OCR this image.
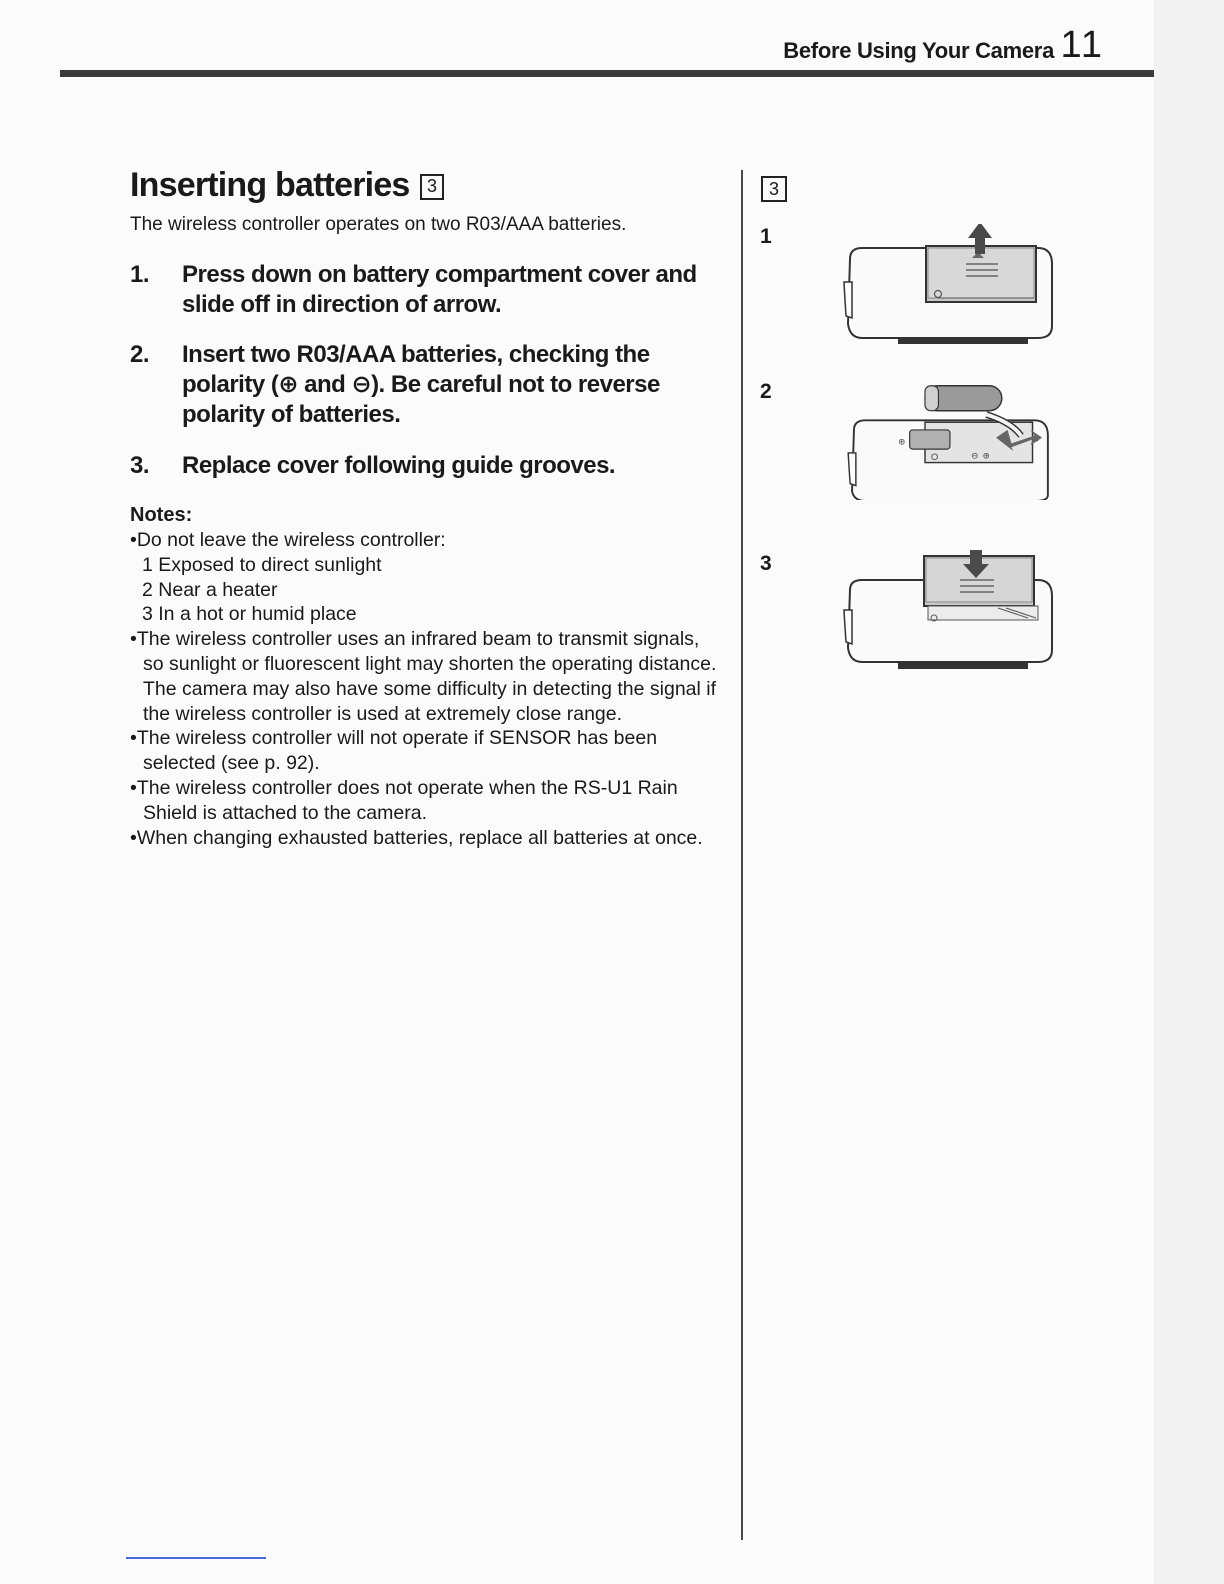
Before Using Your Camera 11
Inserting batteries 3
The wireless controller operates on two R03/AAA batteries.
1. Press down on battery compartment cover and slide off in direction of arrow.
2. Insert two R03/AAA batteries, checking the polarity (⊕ and ⊖). Be careful not to reverse polarity of batteries.
3. Replace cover following guide grooves.
Notes:

•Do not leave the wireless controller:

1 Exposed to direct sunlight

2 Near a heater

3 In a hot or humid place

•The wireless controller uses an infrared beam to transmit signals, so sunlight or fluorescent light may shorten the operating distance. The camera may also have some difficulty in detecting the signal if the wireless controller is used at extremely close range.

•The wireless controller will not operate if SENSOR has been selected (see p. 92).

•The wireless controller does not operate when the RS-U1 Rain Shield is attached to the camera.

•When changing exhausted batteries, replace all batteries at once.

3
1
2
3
⊕
⊖ ⊕
